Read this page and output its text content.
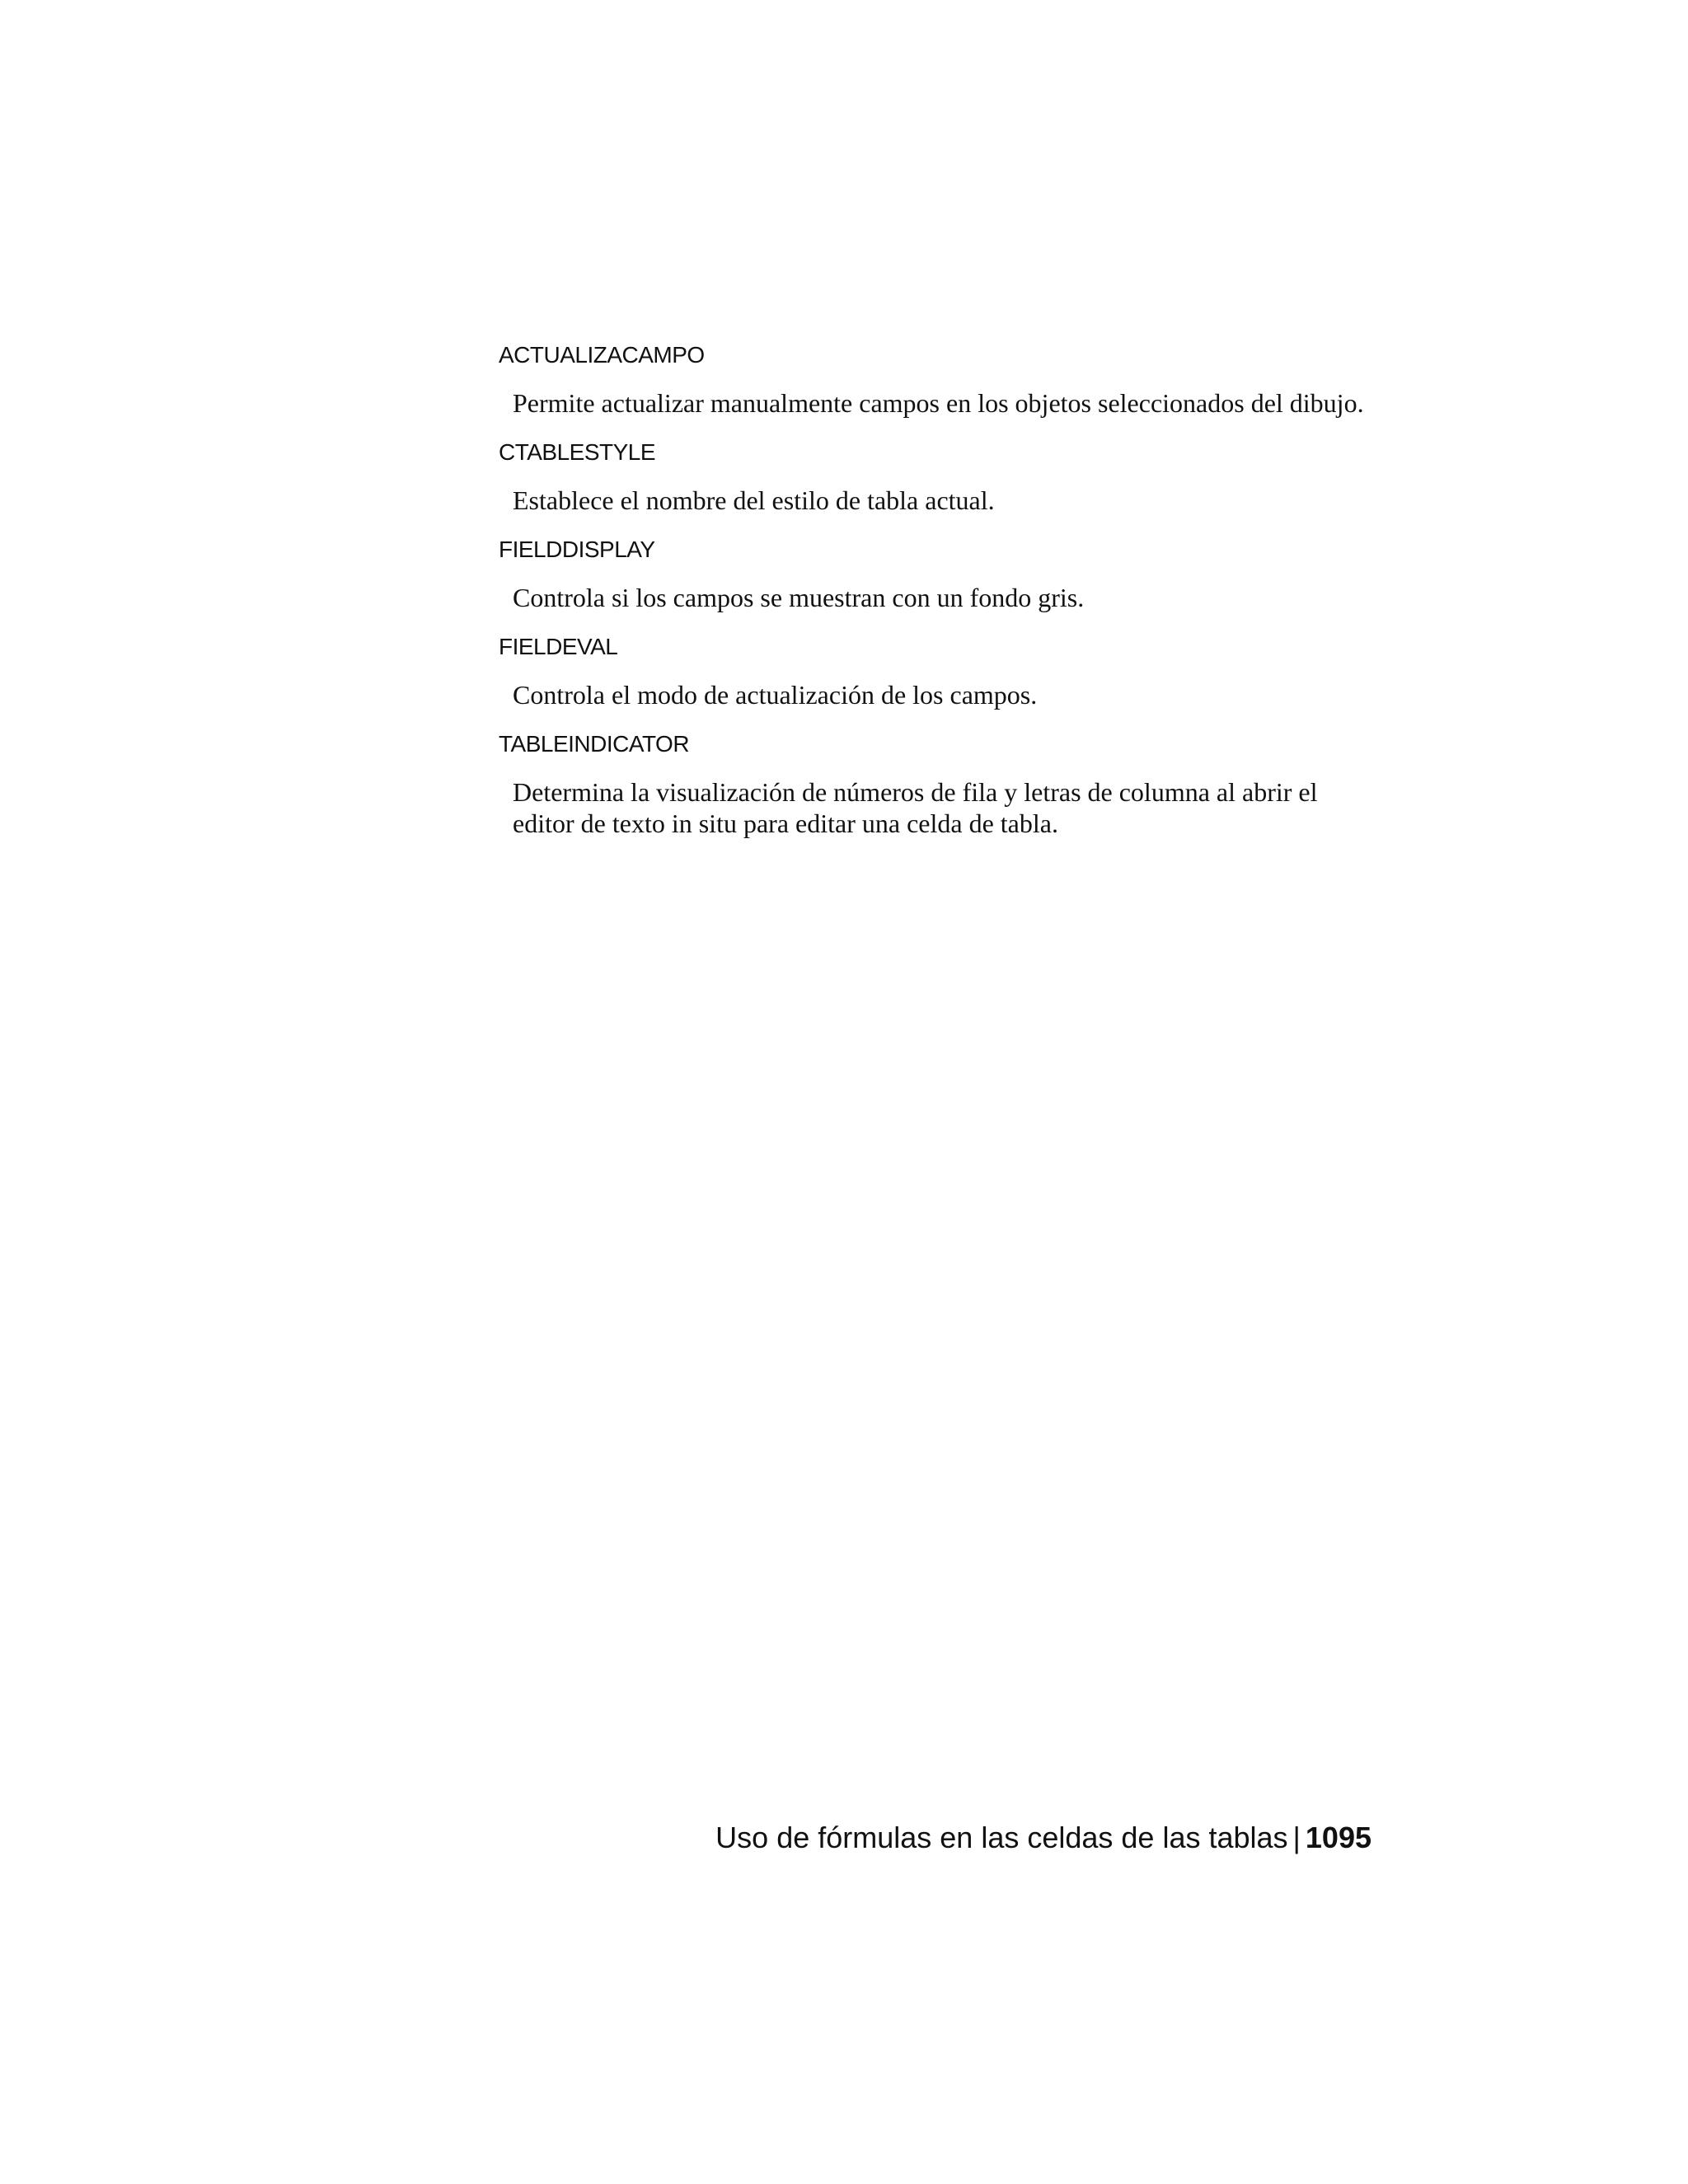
ACTUALIZACAMPO

Permite actualizar manualmente campos en los objetos seleccionados del dibujo.

CTABLESTYLE

Establece el nombre del estilo de tabla actual.

FIELDDISPLAY

Controla si los campos se muestran con un fondo gris.

FIELDEVAL

Controla el modo de actualización de los campos.

TABLEINDICATOR

Determina la visualización de números de fila y letras de columna al abrir el editor de texto in situ para editar una celda de tabla.

Uso de fórmulas en las celdas de las tablas | 1095
